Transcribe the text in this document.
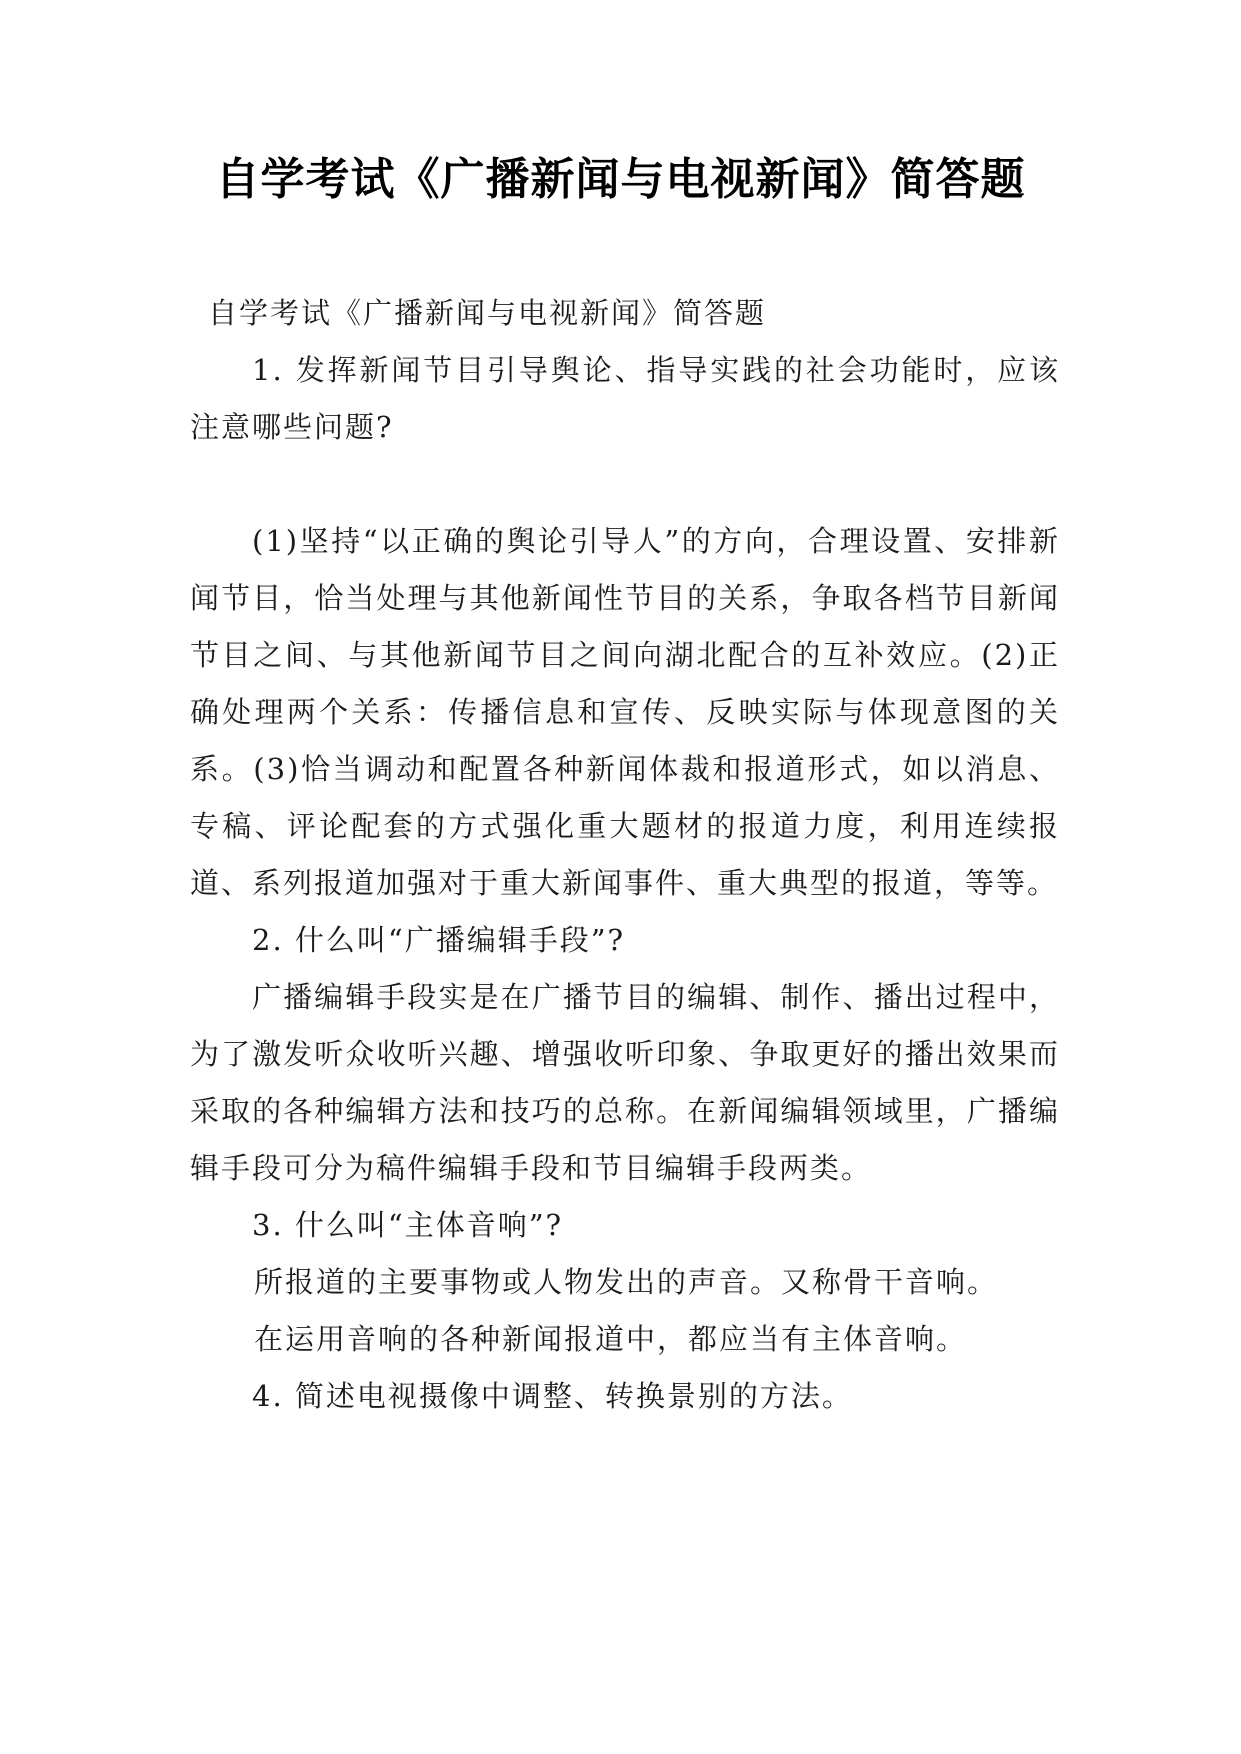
自学考试《广播新闻与电视新闻》简答题

自学考试《广播新闻与电视新闻》简答题

1. 发挥新闻节目引导舆论、指导实践的社会功能时，应该注意哪些问题?

(1)坚持“以正确的舆论引导人”的方向，合理设置、安排新闻节目，恰当处理与其他新闻性节目的关系，争取各档节目新闻节目之间、与其他新闻节目之间向湖北配合的互补效应。(2)正确处理两个关系：传播信息和宣传、反映实际与体现意图的关系。(3)恰当调动和配置各种新闻体裁和报道形式，如以消息、专稿、评论配套的方式强化重大题材的报道力度，利用连续报道、系列报道加强对于重大新闻事件、重大典型的报道，等等。

2. 什么叫“广播编辑手段”?

广播编辑手段实是在广播节目的编辑、制作、播出过程中，为了激发听众收听兴趣、增强收听印象、争取更好的播出效果而采取的各种编辑方法和技巧的总称。在新闻编辑领域里，广播编辑手段可分为稿件编辑手段和节目编辑手段两类。

3. 什么叫“主体音响”?

所报道的主要事物或人物发出的声音。又称骨干音响。

在运用音响的各种新闻报道中，都应当有主体音响。

4. 简述电视摄像中调整、转换景别的方法。
